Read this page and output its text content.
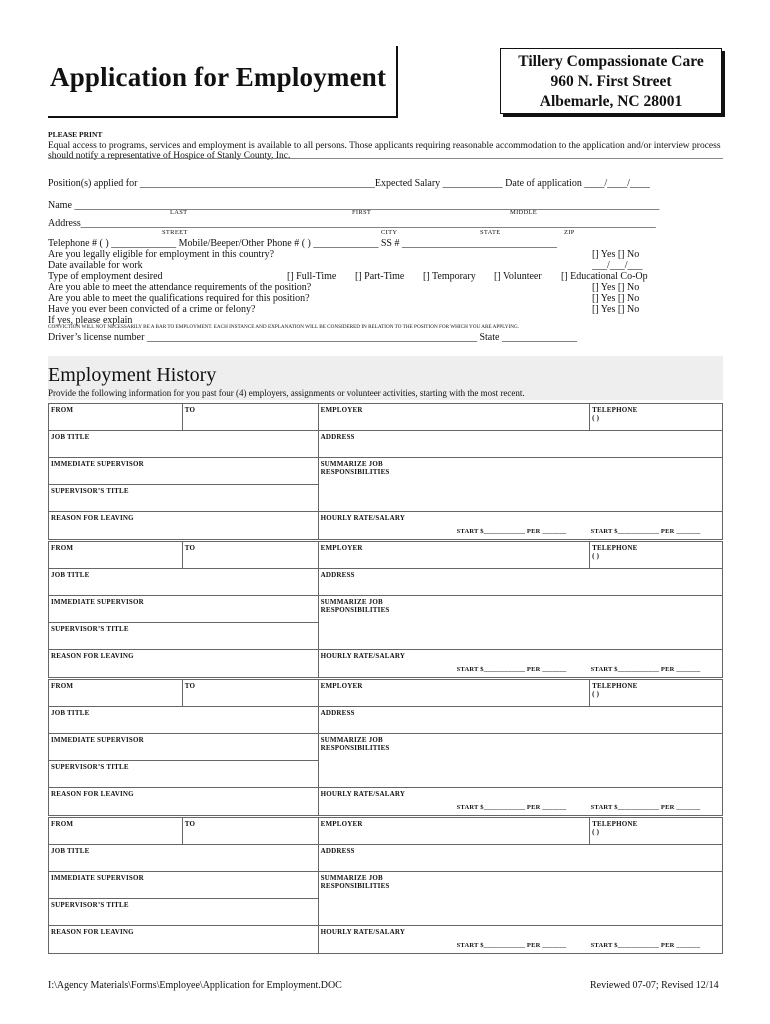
Application for Employment
Tillery Compassionate Care
960 N. First Street
Albemarle, NC 28001
PLEASE PRINT
Equal access to programs, services and employment is available to all persons. Those applicants requiring reasonable accommodation to the application and/or interview process should notify a representative of Hospice of Stanly County, Inc.
Position(s) applied for _______________________________________________Expected Salary ____________ Date of application ____/____/____
Name _____________________________________________________________________________________________________________________
LAST	FIRST	MIDDLE
Address___________________________________________________________________________________________________________________
STREET	CITY	STATE	ZIP
Telephone # ( ) _____________ Mobile/Beeper/Other Phone # ( ) _____________ SS # _______________________________
Are you legally eligible for employment in this country?	[] Yes [] No
Date available for work	___/___/___
Type of employment desired	[] Full-Time [] Part-Time [] Temporary [] Volunteer [] Educational Co-Op
Are you able to meet the attendance requirements of the position?	[] Yes [] No
Are you able to meet the qualifications required for this position?	[] Yes [] No
Have you ever been convicted of a crime or felony?	[] Yes [] No
If yes, please explain
CONVICTION WILL NOT NECESSARILY BE A BAR TO EMPLOYMENT. EACH INSTANCE AND EXPLANATION WILL BE CONSIDERED IN RELATION TO THE POSITION FOR WHICH YOU ARE APPLYING.
Driver’s license number __________________________________________________________________ State _______________
Employment History
Provide the following information for you past four (4) employers, assignments or volunteer activities, starting with the most recent.
FROM	TO	EMPLOYER	TELEPHONE
( )

JOB TITLE		ADDRESS	
IMMEDIATE SUPERVISOR		SUMMARIZE JOB
RESPONSIBILITIES	

SUPERVISOR’S TITLE			
REASON FOR LEAVING		HOURLY RATE/SALARY
START $____________ PER _______ START $____________ PER _______	
FROM	TO	EMPLOYER	TELEPHONE
( )

JOB TITLE		ADDRESS	
IMMEDIATE SUPERVISOR		SUMMARIZE JOB
RESPONSIBILITIES	

SUPERVISOR’S TITLE			
REASON FOR LEAVING		HOURLY RATE/SALARY
START $____________ PER _______ START $____________ PER _______	
FROM	TO	EMPLOYER	TELEPHONE
( )

JOB TITLE		ADDRESS	
IMMEDIATE SUPERVISOR		SUMMARIZE JOB
RESPONSIBILITIES	

SUPERVISOR’S TITLE			
REASON FOR LEAVING		HOURLY RATE/SALARY
START $____________ PER _______ START $____________ PER _______	
FROM	TO	EMPLOYER	TELEPHONE
( )

JOB TITLE		ADDRESS	
IMMEDIATE SUPERVISOR		SUMMARIZE JOB
RESPONSIBILITIES	

SUPERVISOR’S TITLE			
REASON FOR LEAVING		HOURLY RATE/SALARY
START $____________ PER _______ START $____________ PER _______	
I:\Agency Materials\Forms\Employee\Application for Employment.DOC	Reviewed 07-07; Revised 12/14
